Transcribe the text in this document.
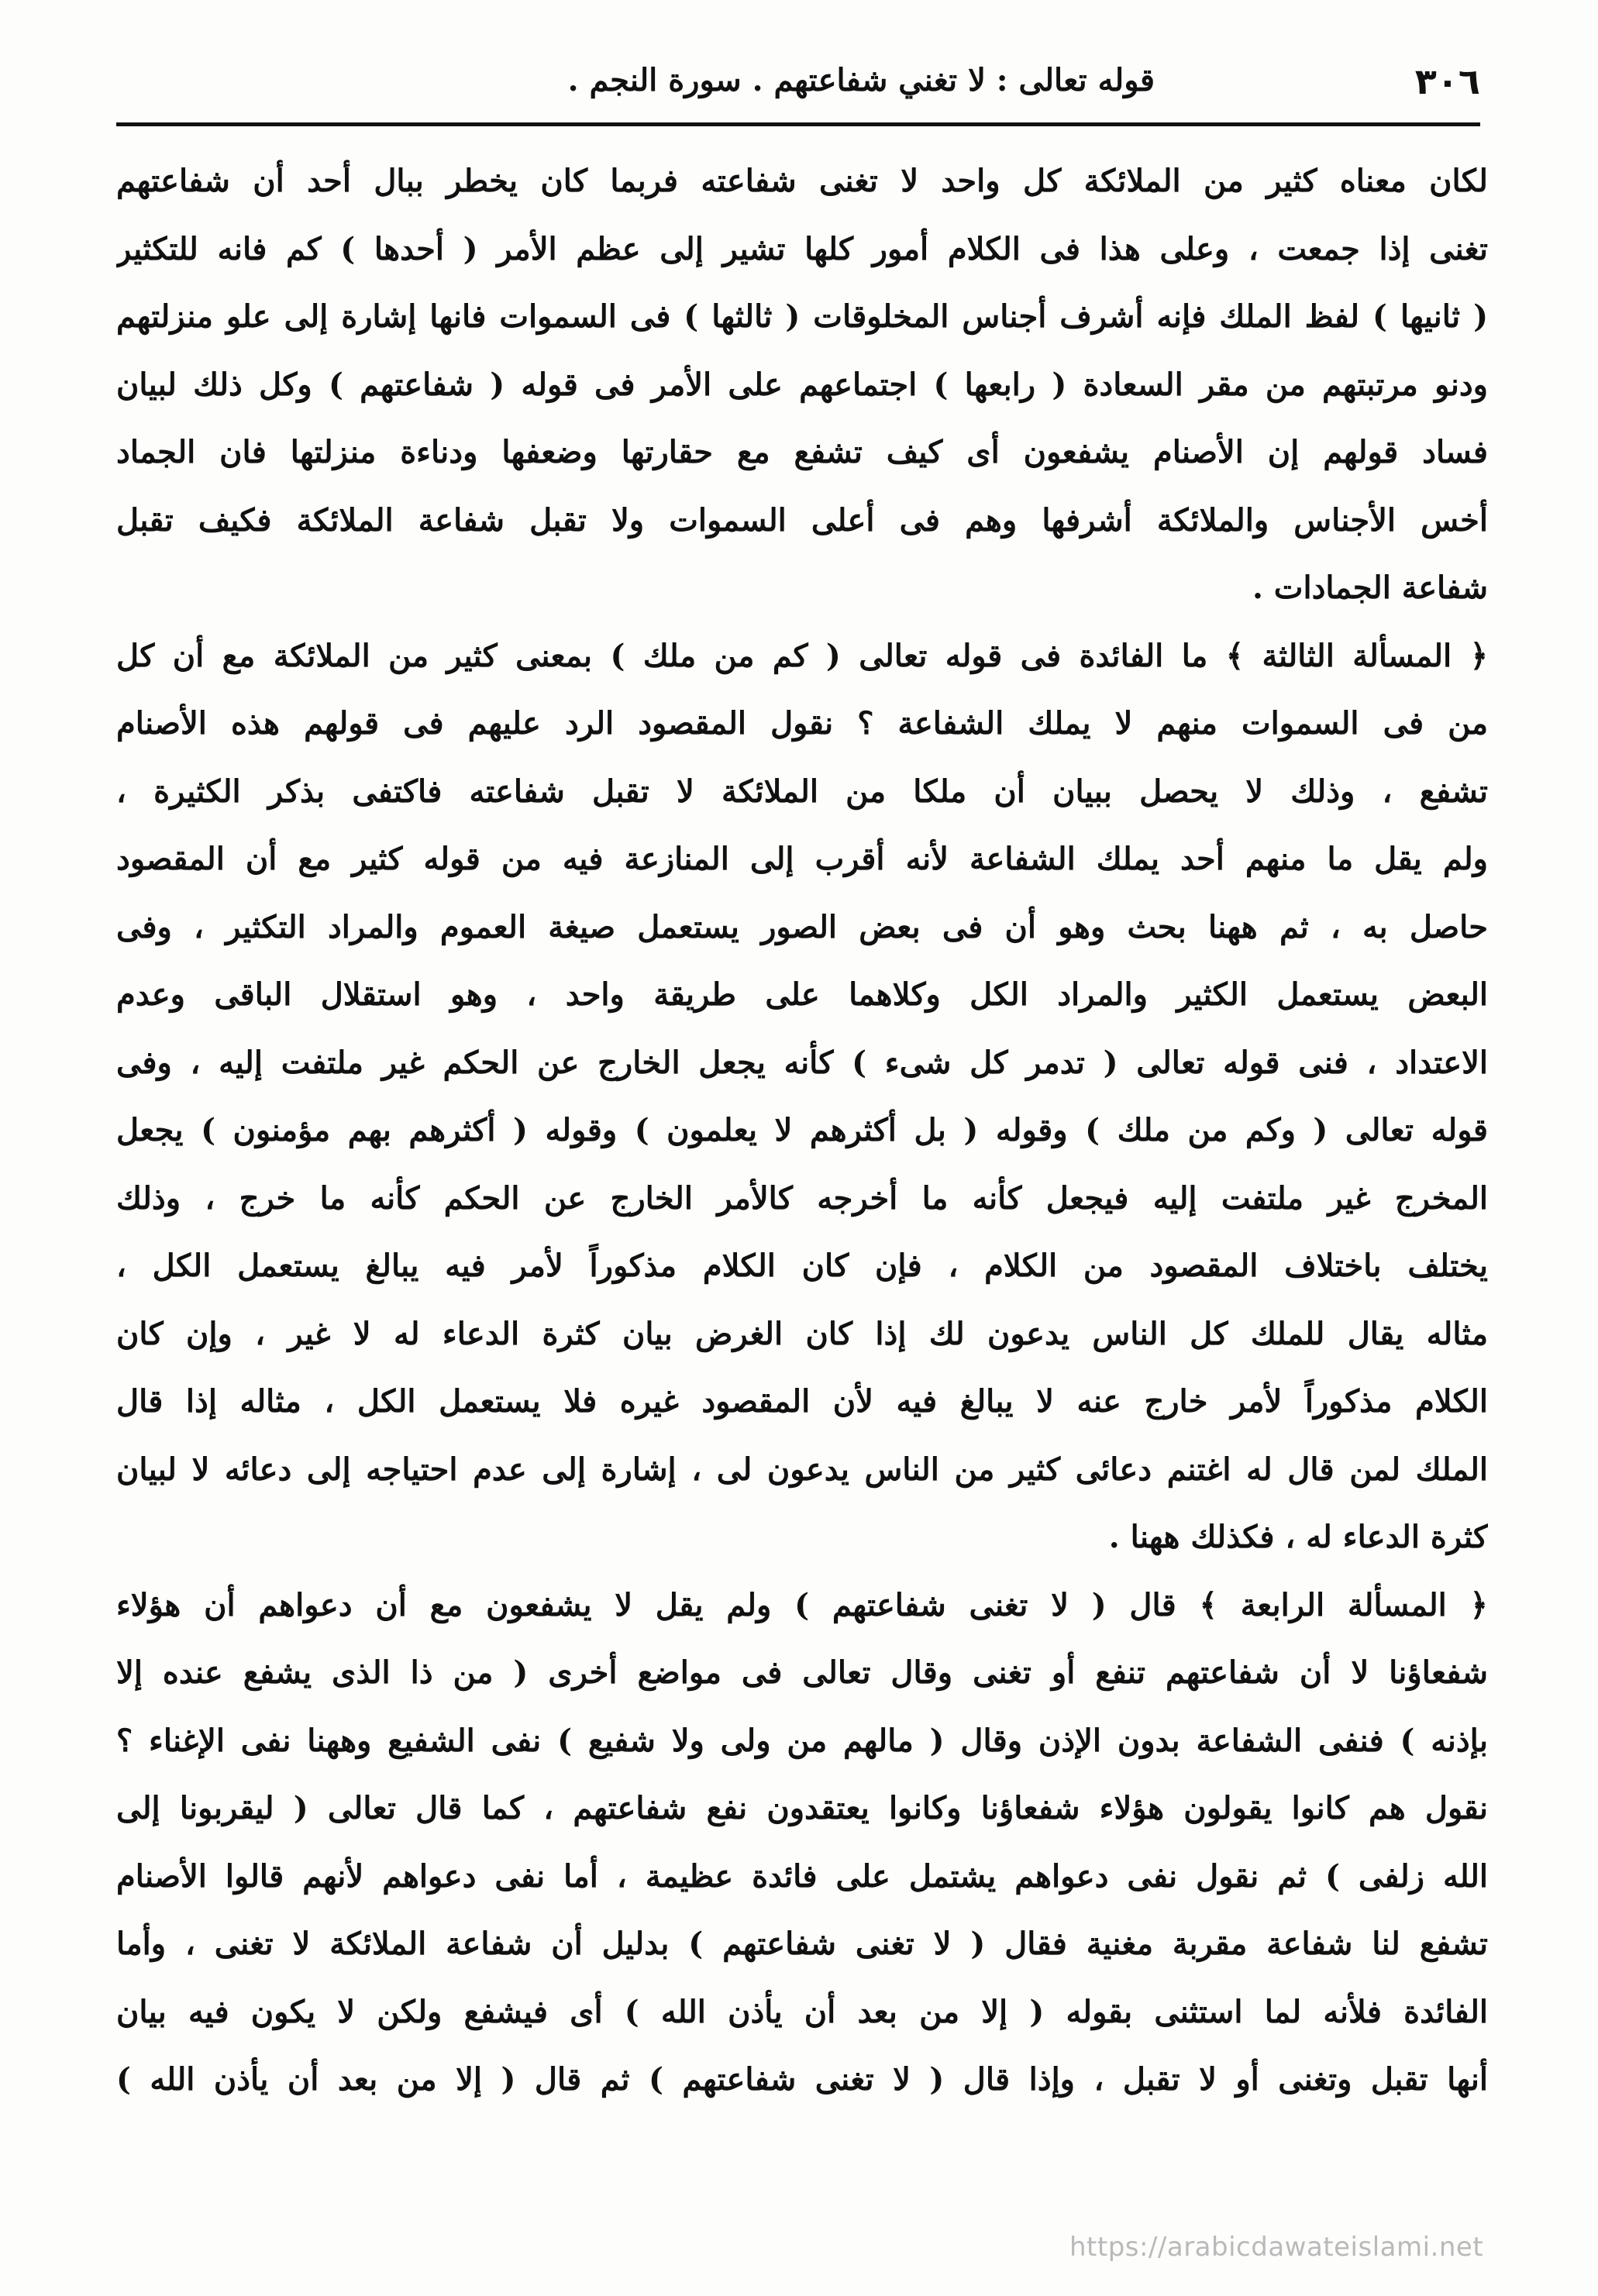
٣٠٦
قوله تعالى : لا تغني شفاعتهم . سورة النجم .
لكان معناه كثير من الملائكة كل واحد لا تغنى شفاعته فربما كان يخطر ببال أحد أن شفاعتهم
تغنى إذا جمعت ، وعلى هذا فى الكلام أمور كلها تشير إلى عظم الأمر ( أحدها ) كم فانه للتكثير
( ثانيها ) لفظ الملك فإنه أشرف أجناس المخلوقات ( ثالثها ) فى السموات فانها إشارة إلى علو منزلتهم
ودنو مرتبتهم من مقر السعادة ( رابعها ) اجتماعهم على الأمر فى قوله ( شفاعتهم ) وكل ذلك لبيان
فساد قولهم إن الأصنام يشفعون أى كيف تشفع مع حقارتها وضعفها ودناءة منزلتها فان الجماد
أخس الأجناس والملائكة أشرفها وهم فى أعلى السموات ولا تقبل شفاعة الملائكة فكيف تقبل
شفاعة الجمادات .
﴿ المسألة الثالثة ﴾ ما الفائدة فى قوله تعالى ( كم من ملك ) بمعنى كثير من الملائكة مع أن كل
من فى السموات منهم لا يملك الشفاعة ؟ نقول المقصود الرد عليهم فى قولهم هذه الأصنام
تشفع ، وذلك لا يحصل ببيان أن ملكا من الملائكة لا تقبل شفاعته فاكتفى بذكر الكثيرة ،
ولم يقل ما منهم أحد يملك الشفاعة لأنه أقرب إلى المنازعة فيه من قوله كثير مع أن المقصود
حاصل به ، ثم ههنا بحث وهو أن فى بعض الصور يستعمل صيغة العموم والمراد التكثير ، وفى
البعض يستعمل الكثير والمراد الكل وكلاهما على طريقة واحد ، وهو استقلال الباقى وعدم
الاعتداد ، فنى قوله تعالى ( تدمر كل شىء ) كأنه يجعل الخارج عن الحكم غير ملتفت إليه ، وفى
قوله تعالى ( وكم من ملك ) وقوله ( بل أكثرهم لا يعلمون ) وقوله ( أكثرهم بهم مؤمنون ) يجعل
المخرج غير ملتفت إليه فيجعل كأنه ما أخرجه كالأمر الخارج عن الحكم كأنه ما خرج ، وذلك
يختلف باختلاف المقصود من الكلام ، فإن كان الكلام مذكوراً لأمر فيه يبالغ يستعمل الكل ،
مثاله يقال للملك كل الناس يدعون لك إذا كان الغرض بيان كثرة الدعاء له لا غير ، وإن كان
الكلام مذكوراً لأمر خارج عنه لا يبالغ فيه لأن المقصود غيره فلا يستعمل الكل ، مثاله إذا قال
الملك لمن قال له اغتنم دعائى كثير من الناس يدعون لى ، إشارة إلى عدم احتياجه إلى دعائه لا لبيان
كثرة الدعاء له ، فكذلك ههنا .
﴿ المسألة الرابعة ﴾ قال ( لا تغنى شفاعتهم ) ولم يقل لا يشفعون مع أن دعواهم أن هؤلاء
شفعاؤنا لا أن شفاعتهم تنفع أو تغنى وقال تعالى فى مواضع أخرى ( من ذا الذى يشفع عنده إلا
بإذنه ) فنفى الشفاعة بدون الإذن وقال ( مالهم من ولى ولا شفيع ) نفى الشفيع وههنا نفى الإغناء ؟
نقول هم كانوا يقولون هؤلاء شفعاؤنا وكانوا يعتقدون نفع شفاعتهم ، كما قال تعالى ( ليقربونا إلى
الله زلفى ) ثم نقول نفى دعواهم يشتمل على فائدة عظيمة ، أما نفى دعواهم لأنهم قالوا الأصنام
تشفع لنا شفاعة مقربة مغنية فقال ( لا تغنى شفاعتهم ) بدليل أن شفاعة الملائكة لا تغنى ، وأما
الفائدة فلأنه لما استثنى بقوله ( إلا من بعد أن يأذن الله ) أى فيشفع ولكن لا يكون فيه بيان
أنها تقبل وتغنى أو لا تقبل ، وإذا قال ( لا تغنى شفاعتهم ) ثم قال ( إلا من بعد أن يأذن الله )
https://arabicdawateislami.net
